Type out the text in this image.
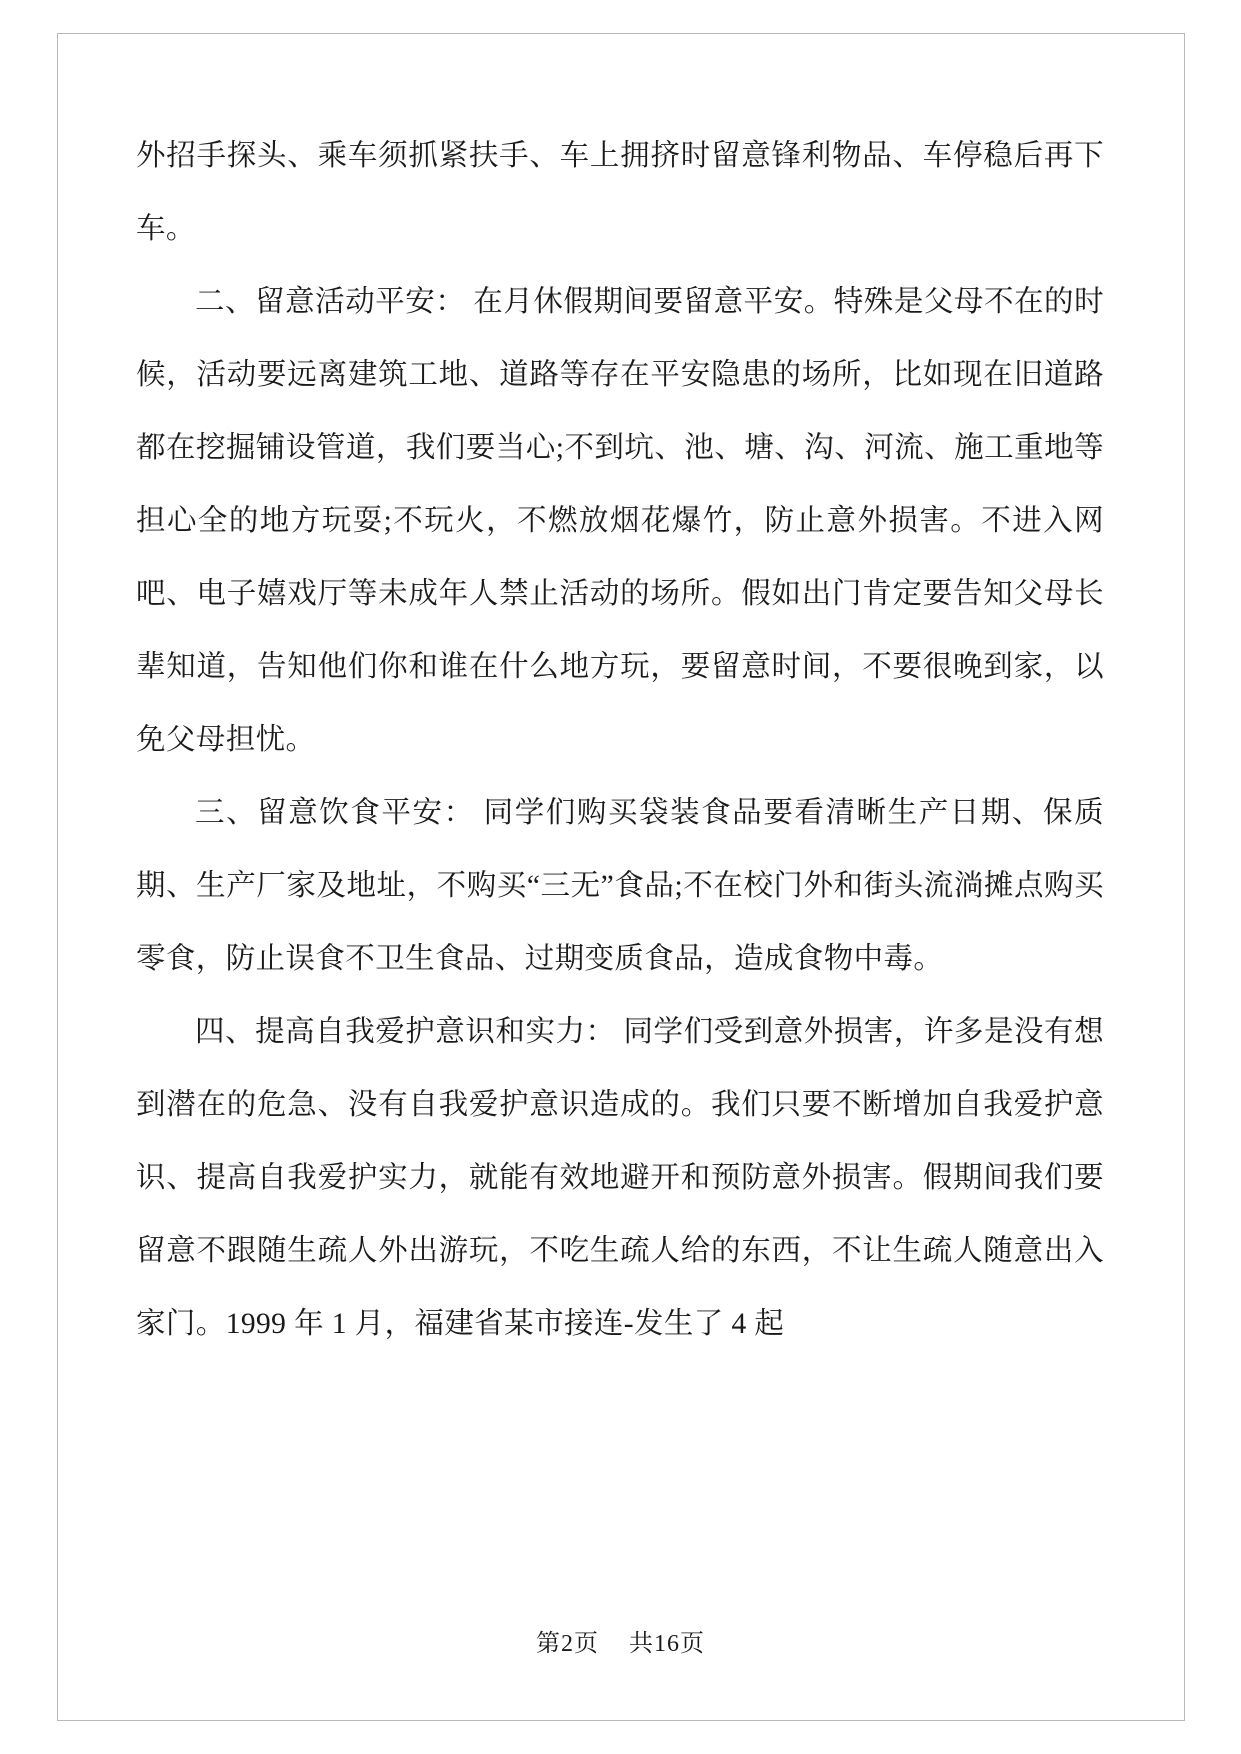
外招手探头、乘车须抓紧扶手、车上拥挤时留意锋利物品、车停稳后再下车。

二、留意活动平安： 在月休假期间要留意平安。特殊是父母不在的时候，活动要远离建筑工地、道路等存在平安隐患的场所，比如现在旧道路都在挖掘铺设管道，我们要当心;不到坑、池、塘、沟、河流、施工重地等担心全的地方玩耍;不玩火，不燃放烟花爆竹，防止意外损害。不进入网吧、电子嬉戏厅等未成年人禁止活动的场所。假如出门肯定要告知父母长辈知道，告知他们你和谁在什么地方玩，要留意时间，不要很晚到家，以免父母担忧。

三、留意饮食平安： 同学们购买袋装食品要看清晰生产日期、保质期、生产厂家及地址，不购买“三无”食品;不在校门外和街头流淌摊点购买零食，防止误食不卫生食品、过期变质食品，造成食物中毒。

四、提高自我爱护意识和实力： 同学们受到意外损害，许多是没有想到潜在的危急、没有自我爱护意识造成的。我们只要不断增加自我爱护意识、提高自我爱护实力，就能有效地避开和预防意外损害。假期间我们要留意不跟随生疏人外出游玩，不吃生疏人给的东西，不让生疏人随意出入家门。1999 年 1 月，福建省某市接连-发生了 4 起

第2页 共16页
